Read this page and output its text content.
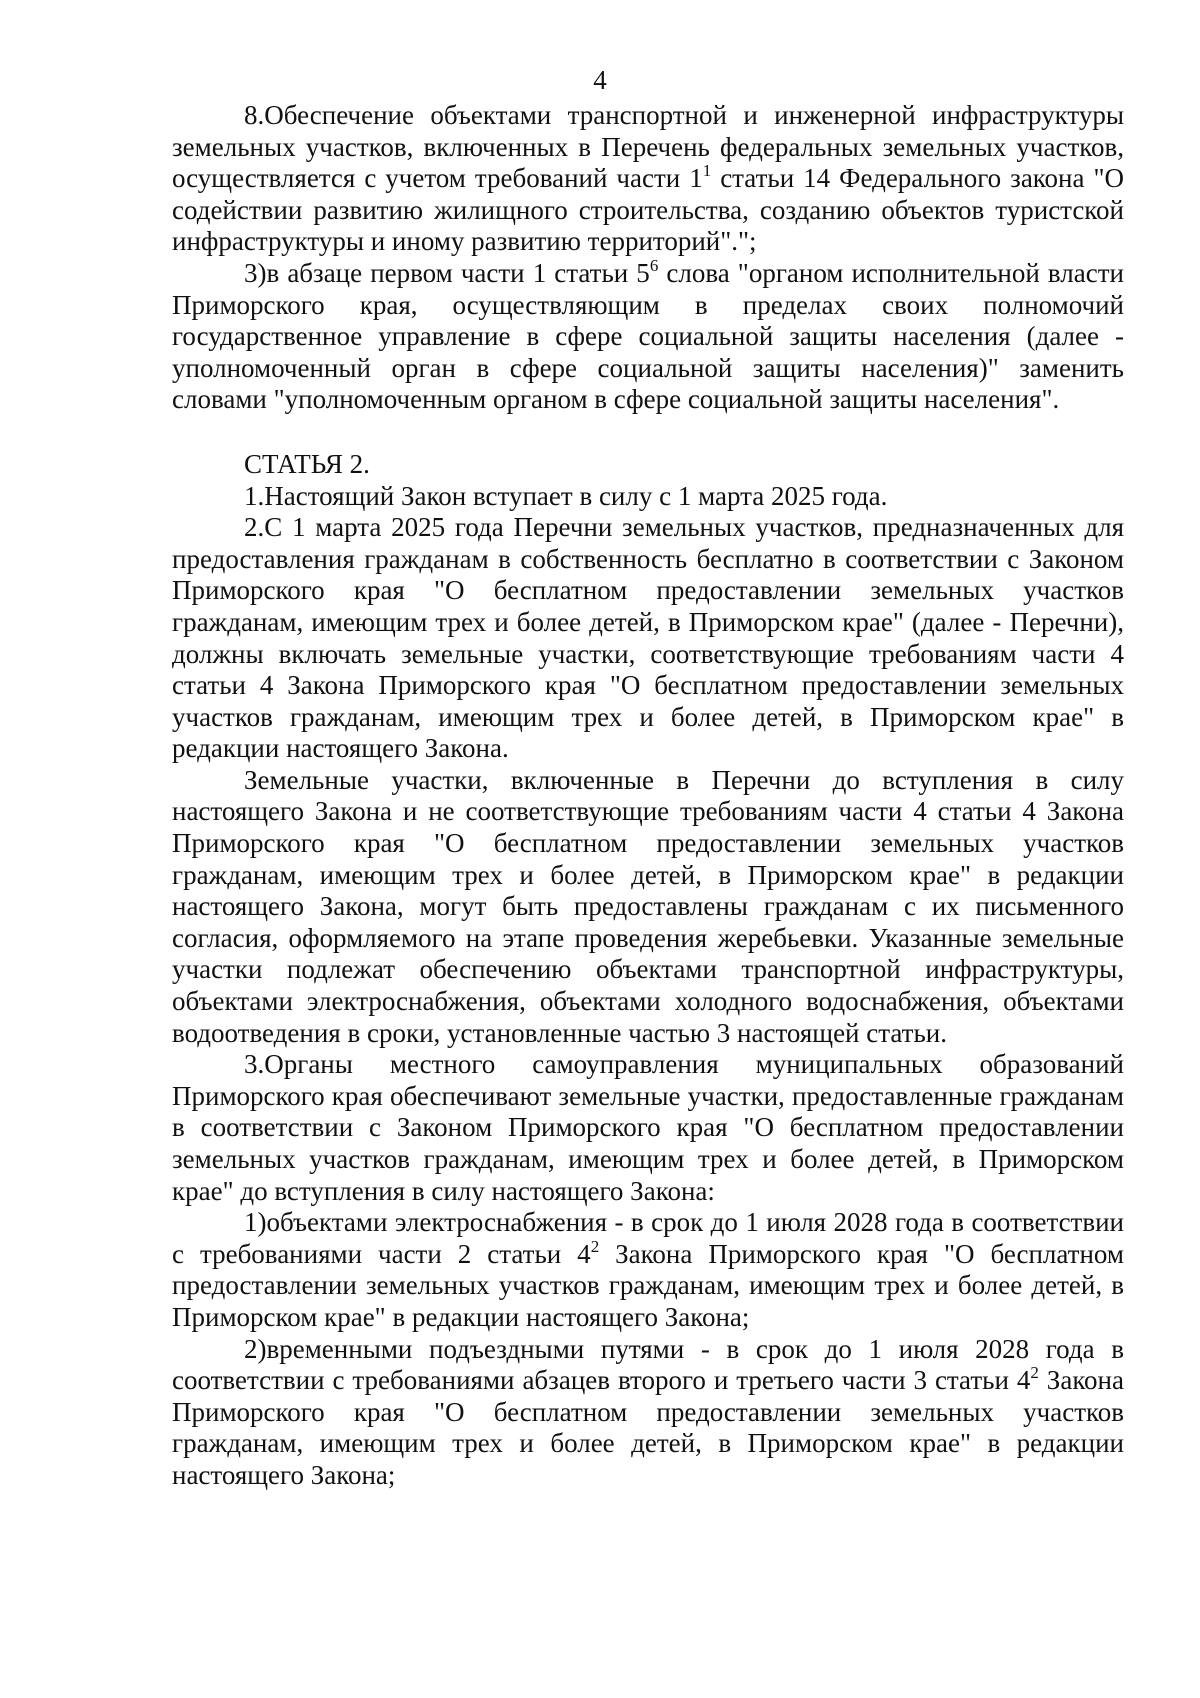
4

8.Обеспечение объектами транспортной и инженерной инфраструктуры земельных участков, включенных в Перечень федеральных земельных участков, осуществляется с учетом требований части $1^1$ статьи 14 Федерального закона "О содействии развитию жилищного строительства, созданию объектов туристской инфраструктуры и иному развитию территорий".";

3)в абзаце первом части 1 статьи $5^6$ слова "органом исполнительной власти Приморского края, осуществляющим в пределах своих полномочий государственное управление в сфере социальной защиты населения (далее - уполномоченный орган в сфере социальной защиты населения)" заменить словами "уполномоченным органом в сфере социальной защиты населения".

СТАТЬЯ 2.

1.Настоящий Закон вступает в силу с 1 марта 2025 года.

2.С 1 марта 2025 года Перечни земельных участков, предназначенных для предоставления гражданам в собственность бесплатно в соответствии с Законом Приморского края "О бесплатном предоставлении земельных участков гражданам, имеющим трех и более детей, в Приморском крае" (далее - Перечни), должны включать земельные участки, соответствующие требованиям части 4 статьи 4 Закона Приморского края "О бесплатном предоставлении земельных участков гражданам, имеющим трех и более детей, в Приморском крае" в редакции настоящего Закона.

Земельные участки, включенные в Перечни до вступления в силу настоящего Закона и не соответствующие требованиям части 4 статьи 4 Закона Приморского края "О бесплатном предоставлении земельных участков гражданам, имеющим трех и более детей, в Приморском крае" в редакции настоящего Закона, могут быть предоставлены гражданам с их письменного согласия, оформляемого на этапе проведения жеребьевки. Указанные земельные участки подлежат обеспечению объектами транспортной инфраструктуры, объектами электроснабжения, объектами холодного водоснабжения, объектами водоотведения в сроки, установленные частью 3 настоящей статьи.

3.Органы местного самоуправления муниципальных образований Приморского края обеспечивают земельные участки, предоставленные гражданам в соответствии с Законом Приморского края "О бесплатном предоставлении земельных участков гражданам, имеющим трех и более детей, в Приморском крае" до вступления в силу настоящего Закона:

1)объектами электроснабжения - в срок до 1 июля 2028 года в соответствии с требованиями части 2 статьи $4^2$ Закона Приморского края "О бесплатном предоставлении земельных участков гражданам, имеющим трех и более детей, в Приморском крае" в редакции настоящего Закона;

2)временными подъездными путями - в срок до 1 июля 2028 года в соответствии с требованиями абзацев второго и третьего части 3 статьи $4^2$ Закона Приморского края "О бесплатном предоставлении земельных участков гражданам, имеющим трех и более детей, в Приморском крае" в редакции настоящего Закона;
